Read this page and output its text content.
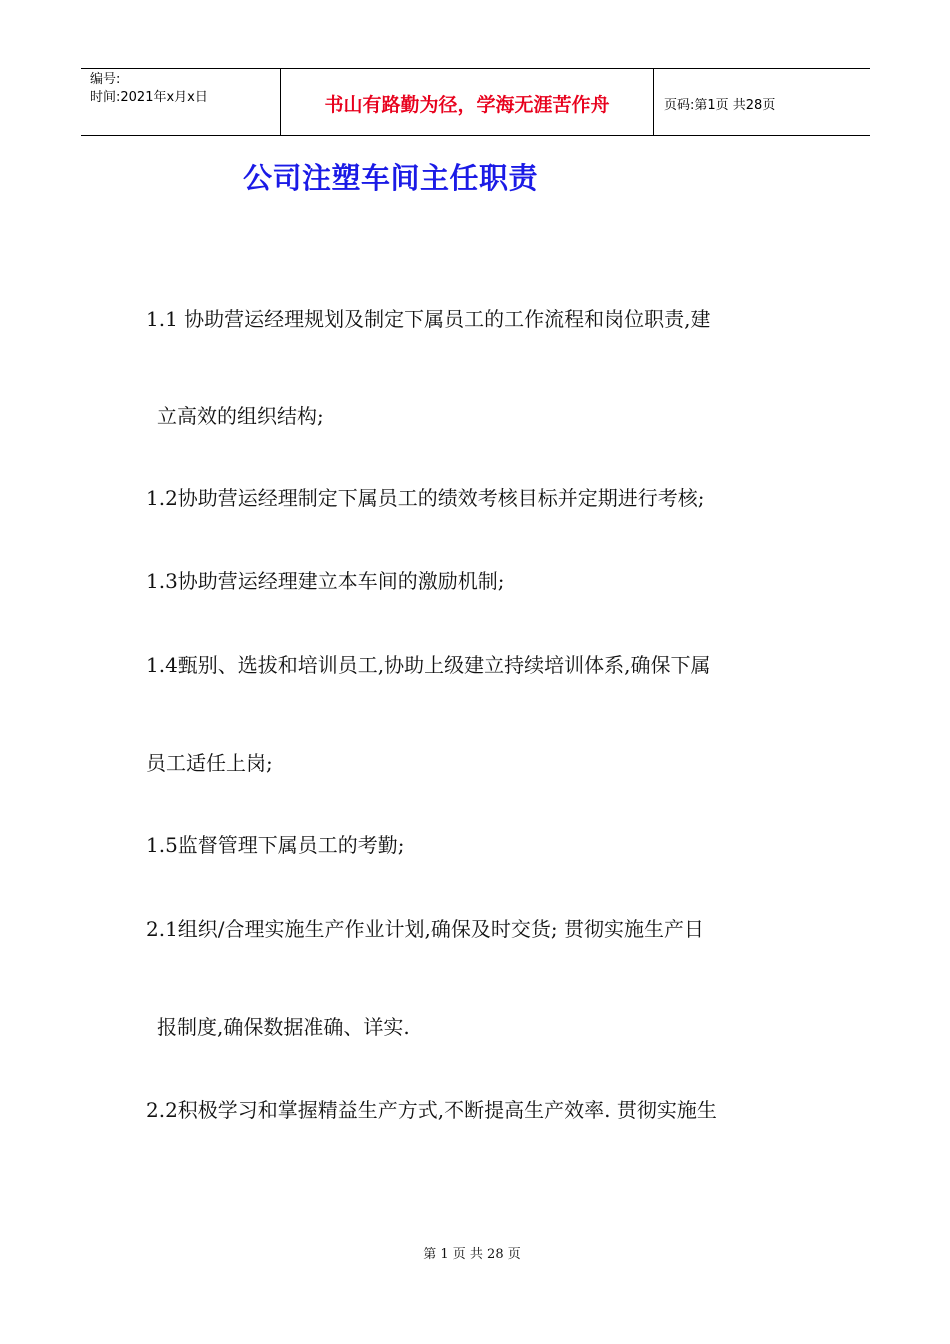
编号:
时间:2021年x月x日	书山有路勤为径，学海无涯苦作舟	页码:第1页 共28页
公司注塑车间主任职责

1.1 协助营运经理规划及制定下属员工的工作流程和岗位职责,建

立高效的组织结构;

1.2协助营运经理制定下属员工的绩效考核目标并定期进行考核;

1.3协助营运经理建立本车间的激励机制;

1.4甄别、选拔和培训员工,协助上级建立持续培训体系,确保下属

员工适任上岗;

1.5监督管理下属员工的考勤;

2.1组织/合理实施生产作业计划,确保及时交货; 贯彻实施生产日

报制度,确保数据准确、详实.

2.2积极学习和掌握精益生产方式,不断提高生产效率. 贯彻实施生

第 1 页 共 28 页
